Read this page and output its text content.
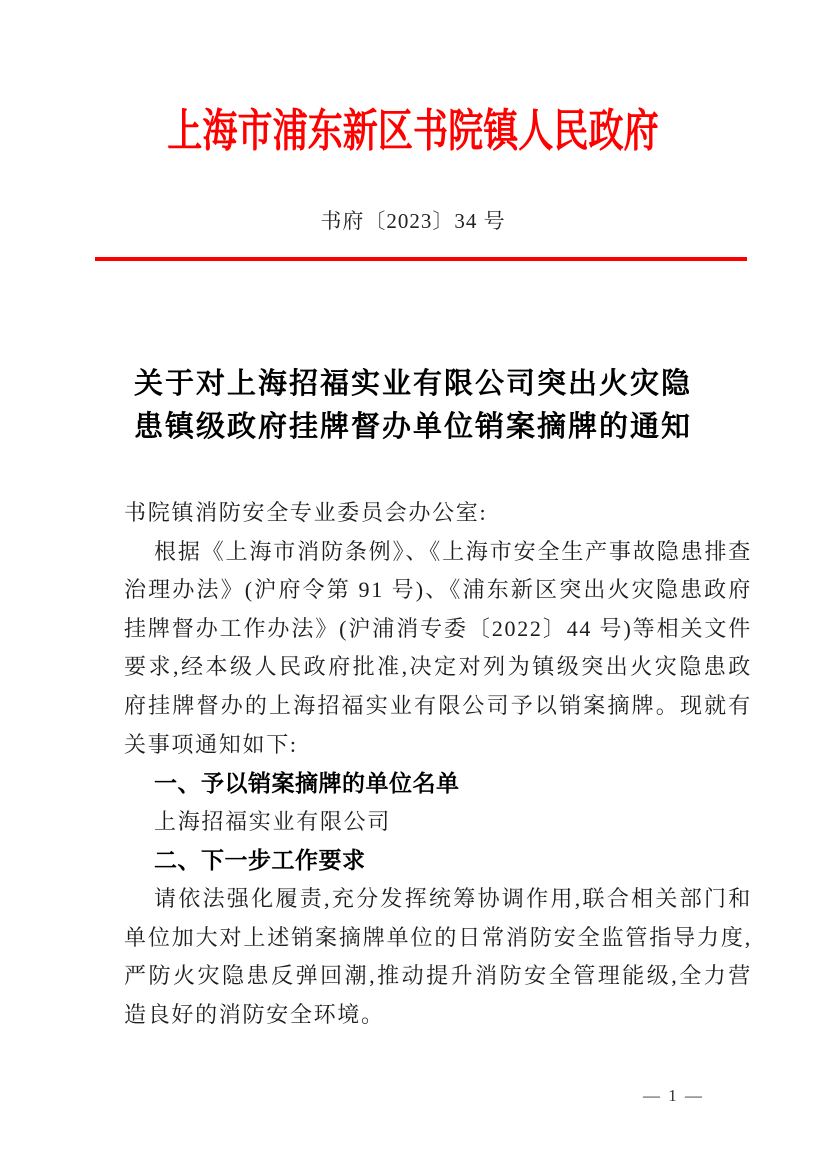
上海市浦东新区书院镇人民政府
书府〔2023〕34 号
关于对上海招福实业有限公司突出火灾隐患镇级政府挂牌督办单位销案摘牌的通知

书院镇消防安全专业委员会办公室:

根据《上海市消防条例》、《上海市安全生产事故隐患排查治理办法》(沪府令第 91 号)、《浦东新区突出火灾隐患政府挂牌督办工作办法》(沪浦消专委〔2022〕44 号)等相关文件要求,经本级人民政府批准,决定对列为镇级突出火灾隐患政府挂牌督办的上海招福实业有限公司予以销案摘牌。现就有关事项通知如下:

一、予以销案摘牌的单位名单

上海招福实业有限公司

二、下一步工作要求

请依法强化履责,充分发挥统筹协调作用,联合相关部门和单位加大对上述销案摘牌单位的日常消防安全监管指导力度,严防火灾隐患反弹回潮,推动提升消防安全管理能级,全力营造良好的消防安全环境。

— 1 —
